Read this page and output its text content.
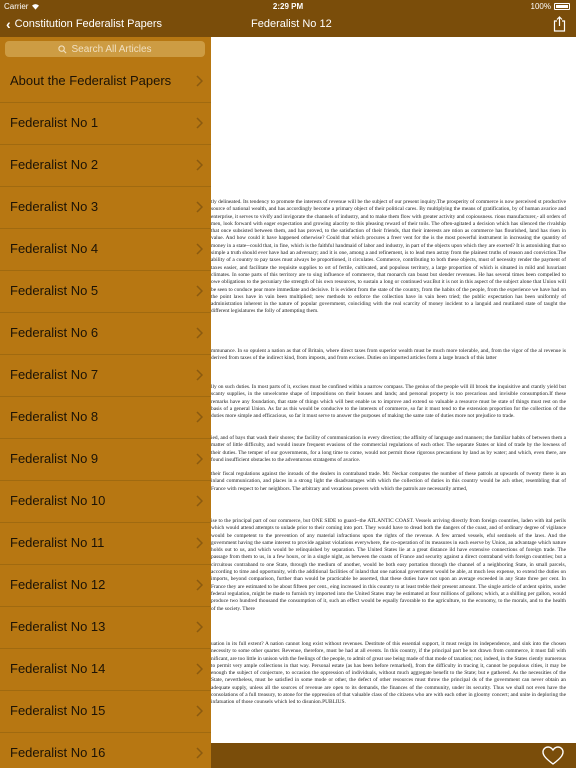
Carrier	2:29 PM	100%
‹ Constitution Federalist Papers	Federalist No 12

tly delineated. Its tendency to promote the interests of revenue will be the subject of our present inquiry.The prosperity of commerce is now perceived st productive source of national wealth, and has accordingly become a primary object of their political cares. By multiplying the means of gratification, by of human avarice and enterprise, it serves to vivify and invigorate the channels of industry, and to make them flow with greater activity and copiousness. rious manufacturer,- all orders of men, look forward with eager expectation and growing alacrity to this pleasing reward of their toils. The often-agitated a decision which has silenced the rivalship that once subsisted between them, and has proved, to the satisfaction of their friends, that their interests are ntion as commerce has flourished, land has risen in value. And how could it have happened otherwise? Could that which procures a freer vent for the is the most powerful instrument in increasing the quantity of money in a state--could that, in fine, which is the faithful handmaid of labor and industry, in part of the objects upon which they are exerted? It is astonishing that so simple a truth should ever have had an adversary; and it is one, among a and refinement, is to lead men astray from the plainest truths of reason and conviction.The ability of a country to pay taxes must always be proportioned, it circulates. Commerce, contributing to both these objects, must of necessity render the payment of taxes easier, and facilitate the requisite supplies to ort of fertile, cultivated, and populous territory, a large proportion of which is situated in mild and luxuriant climates. In some parts of this territory are to sing influence of commerce, that monarch can boast but slender revenues. He has several times been compelled to owe obligations to the pecuniary the strength of his own resources, to sustain a long or continued war.But it is not in this aspect of the subject alone that Union will be seen to conduce pear more immediate and decisive. It is evident from the state of the country, from the habits of the people, from the experience we have had on the point laws have in vain been multiplied; new methods to enforce the collection have in vain been tried; the public expectation has been uniformly of administration inherent in the nature of popular government, coinciding with the real scarcity of money incident to a languid and mutilated state of taught the different legislatures the folly of attempting them.

mmunance. In so opulent a nation as that of Britain, where direct taxes from superior wealth must be much more tolerable, and, from the vigor of the al revenue is derived from taxes of the indirect kind, from imposts, and from excises. Duties on imported articles form a large branch of this latter

lly on such duties. In most parts of it, excises must be confined within a narrow compass. The genius of the people will ill brook the inquisitive and ctantly yield but scanty supplies, in the unwelcome shape of impositions on their houses and lands; and personal property is too precarious and invisible consumption.If these remarks have any foundation, that state of things which will best enable us to improve and extend so valuable a resource must be state of things must rest on the basis of a general Union. As far as this would be conducive to the interests of commerce, so far it must tend to the extension proportion for the collection of the duties more simple and efficacious, so far it must serve to answer the purposes of making the same rate of duties more not prejudice to trade.

ied, and of bays that wash their shores; the facility of communication in every direction; the affinity of language and manners; the familiar habits of between them a matter of little difficulty, and would insure frequent evasions of the commercial regulations of each other. The separate States or kind of trade by the lowness of their duties. The temper of our governments, for a long time to come, would not permit those rigorous precautions by land as by water; and which, even there, are found insufficient obstacles to the adventurous stratagems of avarice.

their fiscal regulations against the inroads of the dealers in contraband trade. Mr. Neckar computes the number of these patrols at upwards of twenty there is an inland communication, and places in a strong light the disadvantages with which the collection of duties in this country would be ach other, resembling that of France with respect to her neighbors. The arbitrary and vexatious powers with which the patrols are necessarily armed,

ise to the principal part of our commerce, but ONE SIDE to guard--the ATLANTIC COAST. Vessels arriving directly from foreign countries, laden with ital perils which would attend attempts to unlade prior to their coming into port. They would have to dread both the dangers of the coast, and of ordinary degree of vigilance would be competent to the prevention of any material infractions upon the rights of the revenue. A few armed vessels, eful sentinels of the laws. And the government having the same interest to provide against violations everywhere, the co-operation of its measures in each eserve by Union, an advantage which nature holds out to us, and which would be relinquished by separation. The United States lie at a great distance ild have extensive connections of foreign trade. The passage from them to us, in a few hours, or in a single night, as between the coasts of France and security against a direct contraband with foreign countries; but a circuitous contraband to one State, through the medium of another, would be both easy portation through the channel of a neighboring State, in small parcels, according to time and opportunity, with the additional facilities of inland that one national government would be able, at much less expense, to extend the duties on imports, beyond comparison, further than would be practicable be asserted, that these duties have not upon an average exceeded in any State three per cent. In France they are estimated to be about fifteen per cent., eing increased in this country to at least treble their present amount. The single article of ardent spirits, under federal regulation, might be made to furnish try imported into the United States may be estimated at four millions of gallons; which, at a shilling per gallon, would produce two hundred thousand the consumption of it, such an effect would be equally favorable to the agriculture, to the economy, to the morals, and to the health of the society. There

uation in its full extent? A nation cannot long exist without revenues. Destitute of this essential support, it must resign its independence, and sink into the chosen necessity to some other quarter. Revenue, therefore, must be had at all events. In this country, if the principal part be not drawn from commerce, it must fall with nificant, are too little in unison with the feelings of the people, to admit of great use being made of that mode of taxation; nor, indeed, in the States ciently numerous to permit very ample collections in that way. Personal estate (as has been before remarked), from the difficulty in tracing it, cannot be populous cities, it may be enough the subject of conjecture, to occasion the oppression of individuals, without much aggregate benefit to the State; but e gathered. As the necessities of the State, nevertheless, must be satisfied in some mode or other, the defect of other resources must throw the principal ds of the government can never obtain an adequate supply, unless all the sources of revenue are open to its demands, the finances of the community, under its security. Thus we shall not even have the consolations of a full treasury, to atone for the oppression of that valuable class of the citizens who are with each other in gloomy concert; and unite in deploring the infatuation of those counsels which led to disunion.PUBLIUS.

Search All Articles
About the Federalist Papers
Federalist No 1
Federalist No 2
Federalist No 3
Federalist No 4
Federalist No 5
Federalist No 6
Federalist No 7
Federalist No 8
Federalist No 9
Federalist No 10
Federalist No 11
Federalist No 12
Federalist No 13
Federalist No 14
Federalist No 15
Federalist No 16
